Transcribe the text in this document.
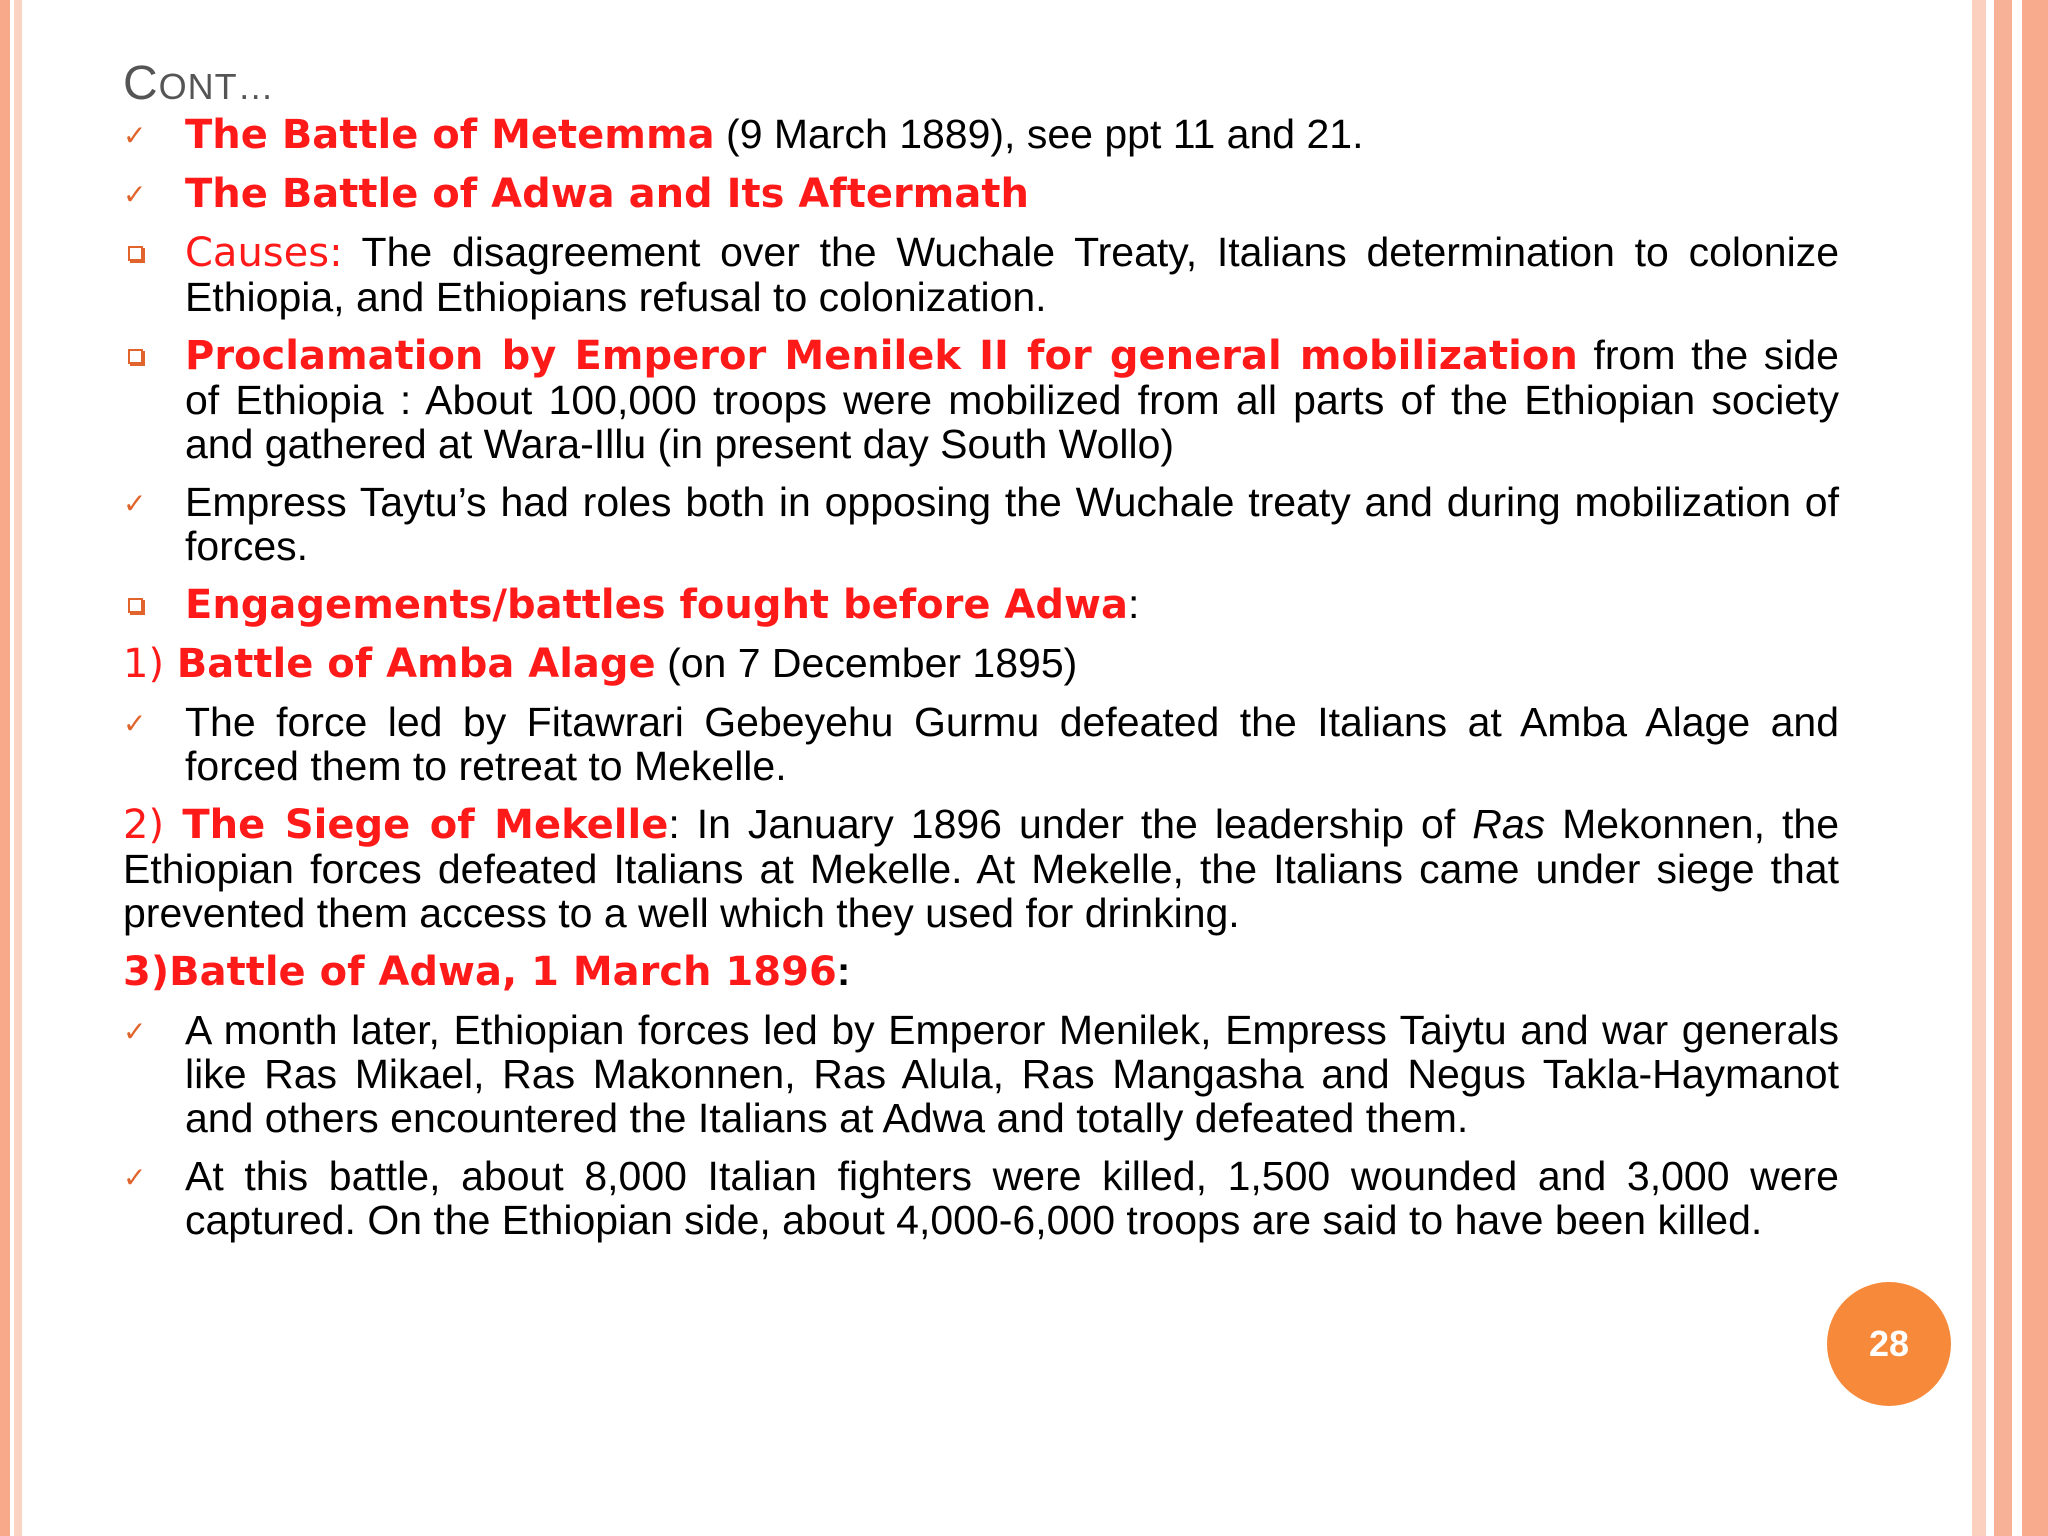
CONT…
✓ The Battle of Metemma (9 March 1889), see ppt 11 and 21.
✓ The Battle of Adwa and Its Aftermath
Causes: The disagreement over the Wuchale Treaty, Italians determination to colonize Ethiopia, and Ethiopians refusal to colonization.
Proclamation by Emperor Menilek II for general mobilization from the side of Ethiopia : About 100,000 troops were mobilized from all parts of the Ethiopian society and gathered at Wara-Illu (in present day South Wollo)
✓ Empress Taytu’s had roles both in opposing the Wuchale treaty and during mobilization of forces.
Engagements/battles fought before Adwa:
1) Battle of Amba Alage (on 7 December 1895)
✓ The force led by Fitawrari Gebeyehu Gurmu defeated the Italians at Amba Alage and forced them to retreat to Mekelle.
2) The Siege of Mekelle: In January 1896 under the leadership of Ras Mekonnen, the Ethiopian forces defeated Italians at Mekelle. At Mekelle, the Italians came under siege that prevented them access to a well which they used for drinking.
3)Battle of Adwa, 1 March 1896:
✓ A month later, Ethiopian forces led by Emperor Menilek, Empress Taiytu and war generals like Ras Mikael, Ras Makonnen, Ras Alula, Ras Mangasha and Negus Takla-Haymanot and others encountered the Italians at Adwa and totally defeated them.
✓ At this battle, about 8,000 Italian fighters were killed, 1,500 wounded and 3,000 were captured. On the Ethiopian side, about 4,000-6,000 troops are said to have been killed.
28
